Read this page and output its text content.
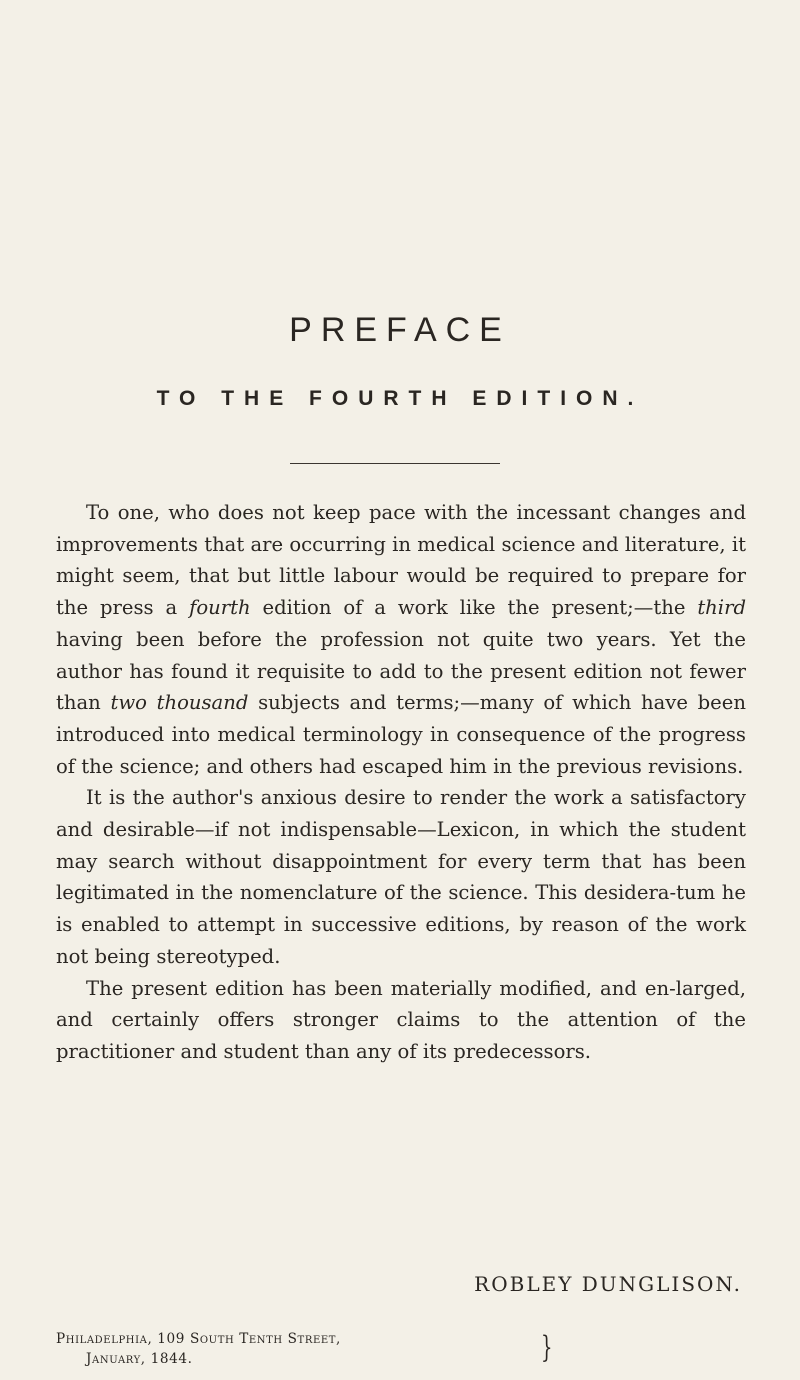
PREFACE
TO THE FOURTH EDITION.

To one, who does not keep pace with the incessant changes and improvements that are occurring in medical science and literature, it might seem, that but little labour would be required to prepare for the press a fourth edition of a work like the present;—the third having been before the profession not quite two years. Yet the author has found it requisite to add to the present edition not fewer than two thousand subjects and terms;—many of which have been introduced into medical terminology in consequence of the progress of the science; and others had escaped him in the previous revisions.

It is the author's anxious desire to render the work a satisfactory and desirable—if not indispensable—Lexicon, in which the student may search without disappointment for every term that has been legitimated in the nomenclature of the science. This desidera-tum he is enabled to attempt in successive editions, by reason of the work not being stereotyped.

The present edition has been materially modified, and en-larged, and certainly offers stronger claims to the attention of the practitioner and student than any of its predecessors.

ROBLEY DUNGLISON.
Philadelphia, 109 South Tenth Street,
January, 1844.	}
